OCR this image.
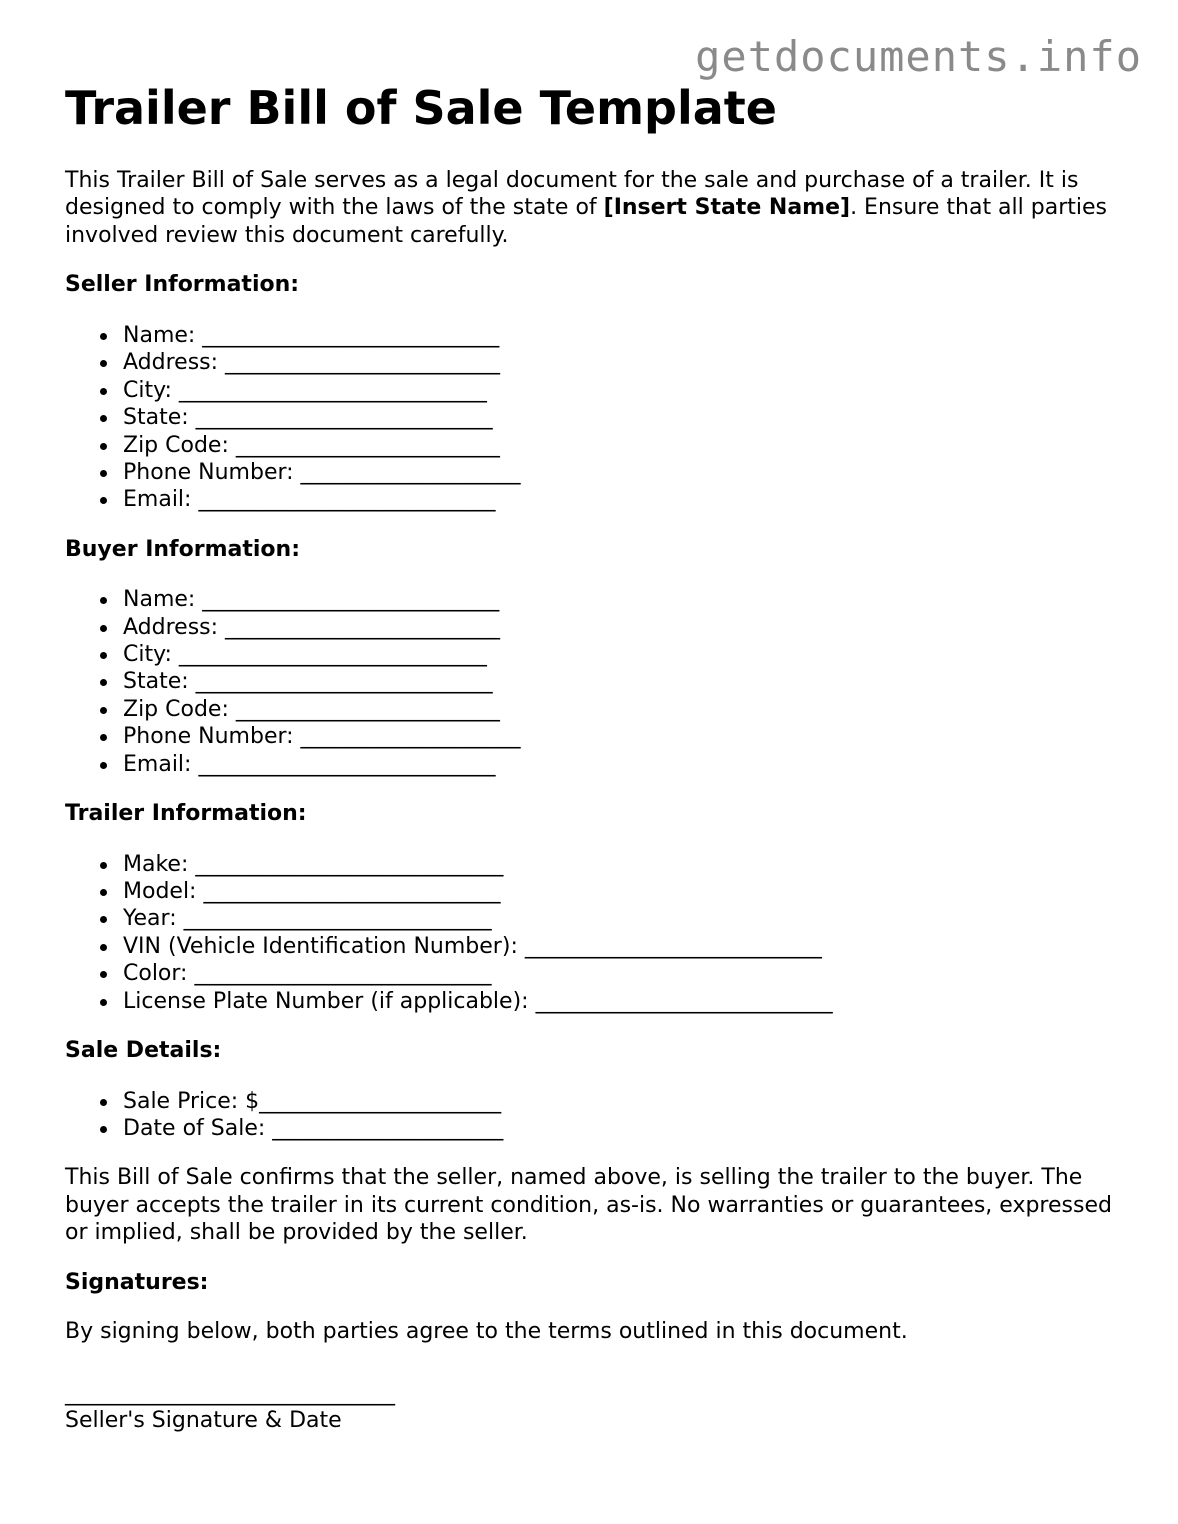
getdocuments.info
Trailer Bill of Sale Template

This Trailer Bill of Sale serves as a legal document for the sale and purchase of a trailer. It is designed to comply with the laws of the state of [Insert State Name]. Ensure that all parties involved review this document carefully.

Seller Information:
Name: ___________________________
Address: _________________________
City: ____________________________
State: ___________________________
Zip Code: ________________________
Phone Number: ____________________
Email: ___________________________
Buyer Information:
Name: ___________________________
Address: _________________________
City: ____________________________
State: ___________________________
Zip Code: ________________________
Phone Number: ____________________
Email: ___________________________
Trailer Information:
Make: ____________________________
Model: ___________________________
Year: ____________________________
VIN (Vehicle Identification Number): ___________________________
Color: ___________________________
License Plate Number (if applicable): ___________________________
Sale Details:
Sale Price: $______________________
Date of Sale: _____________________

This Bill of Sale confirms that the seller, named above, is selling the trailer to the buyer. The buyer accepts the trailer in its current condition, as-is. No warranties or guarantees, expressed or implied, shall be provided by the seller.

Signatures:

By signing below, both parties agree to the terms outlined in this document.

______________________________
Seller's Signature & Date
